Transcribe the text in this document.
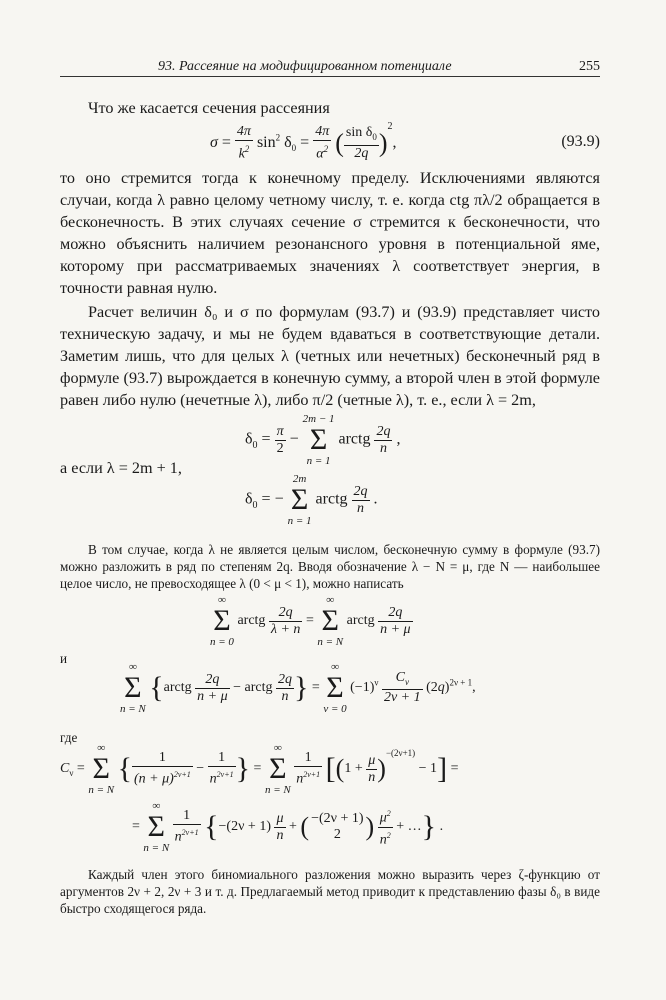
93. Рассеяние на модифицированном потенциале	255

Что же касается сечения рассеяния

$\sigma = \frac{4\pi}{k^2} \sin^2 \delta_0 = \frac{4\pi}{\alpha^2}$ ( $\frac{\sin \delta_0}{2q} )^2$,	(93.9)

то оно стремится тогда к конечному пределу. Исключениями являются случаи, когда λ равно целому четному числу, т. е. когда ctg πλ/2 обращается в бесконечность. В этих случаях сечение σ стремится к бесконечности, что можно объяснить наличием резонансного уровня в потенциальной яме, которому при рассматриваемых значениях λ соответствует энергия, в точности равная нулю.

Расчет величин δ₀ и σ по формулам (93.7) и (93.9) представляет чисто техническую задачу, и мы не будем вдаваться в соответствующие детали. Заметим лишь, что для целых λ (четных или нечетных) бесконечный ряд в формуле (93.7) вырождается в конечную сумму, а второй член в этой формуле равен либо нулю (нечетные λ), либо π/2 (четные λ), т. е., если λ = 2m,

$\delta_0 = \frac{\pi}{2}$ −
2m − 1
Σ
n = 1
arctg $\frac{2q}{n}$ ,

а если λ = 2m + 1,

$\delta_0$ = −
2m
Σ
n = 1
arctg $\frac{2q}{n}$ .

В том случае, когда λ не является целым числом, бесконечную сумму в формуле (93.7) можно разложить в ряд по степеням 2q. Вводя обозначение λ − N = μ, где N — наибольшее целое число, не превосходящее λ (0 < μ < 1), можно написать

∞
Σ
n = 0
arctg $\frac{2q}{\lambda + n}$ =
∞
Σ
n = N
arctg $\frac{2q}{n + \mu}$

и

∞
Σ
n = N
{arctg $\frac{2q}{n + \mu}$ − arctg $\frac{2q}{n}$ } =
∞
Σ
ν = 0
$(-1)^\nu \frac{C_\nu}{2\nu + 1} (2q)^{2\nu + 1}$,

где

$C_\nu$ =
∞
Σ
n = N
{ $\frac{1}{(n + \mu)^{2\nu+1}} - \frac{1}{n^{2\nu+1}}$ } =
∞
Σ
n = N

$\frac{1}{n^{2\nu+1}} [(1 + \frac{\mu}{n} )^{-(2\nu+1)} - 1]$ =
=
∞
Σ
n = N

$\frac{1}{n^{2\nu+1}} \{-(2\nu + 1) \frac{\mu}{n}$ + ( −(2ν + 1)
2 ) $\frac{\mu^2}{n^2}$ + …} .

Каждый член этого биномиального разложения можно выразить через ζ-функцию от аргументов 2ν + 2, 2ν + 3 и т. д. Предлагаемый метод приводит к представлению фазы δ₀ в виде быстро сходящегося ряда.
